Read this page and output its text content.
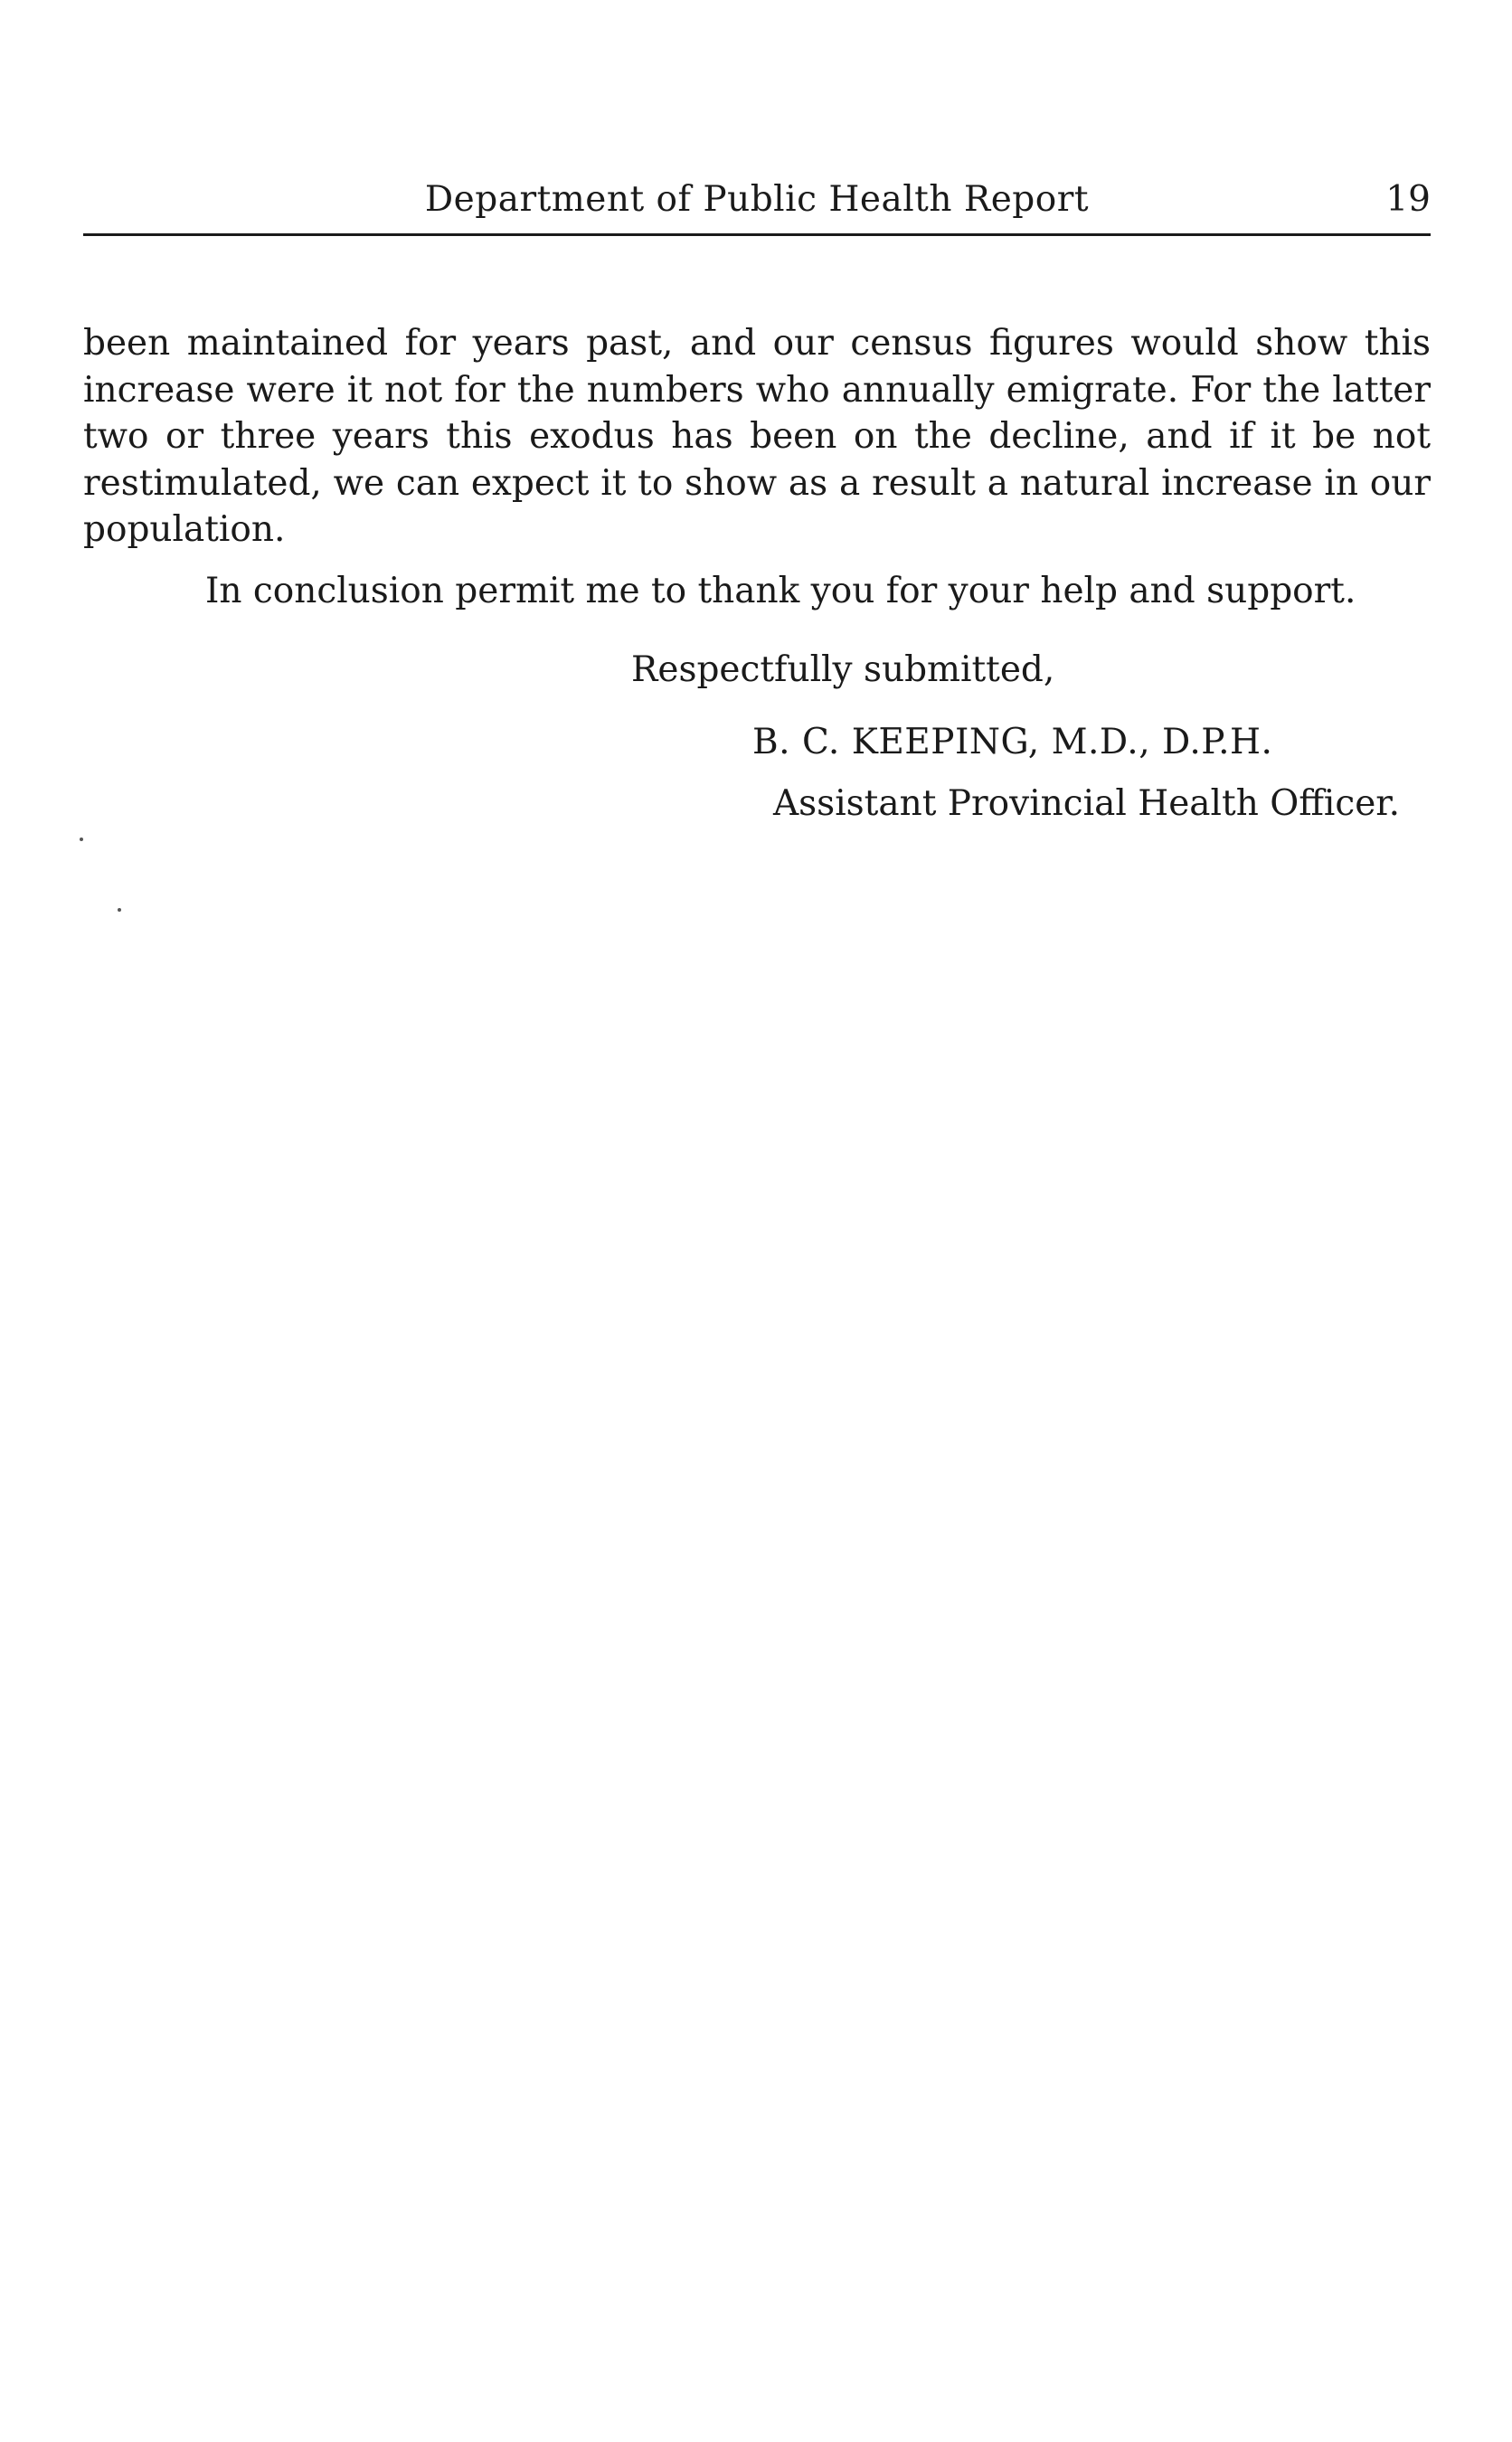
Department of Public Health Report	19

been maintained for years past, and our census figures would show this increase were it not for the numbers who annually emigrate. For the latter two or three years this exodus has been on the decline, and if it be not restimulated, we can expect it to show as a result a natural increase in our population.

In conclusion permit me to thank you for your help and support.

Respectfully submitted,

B. C. KEEPING, M.D., D.P.H.

Assistant Provincial Health Officer.
